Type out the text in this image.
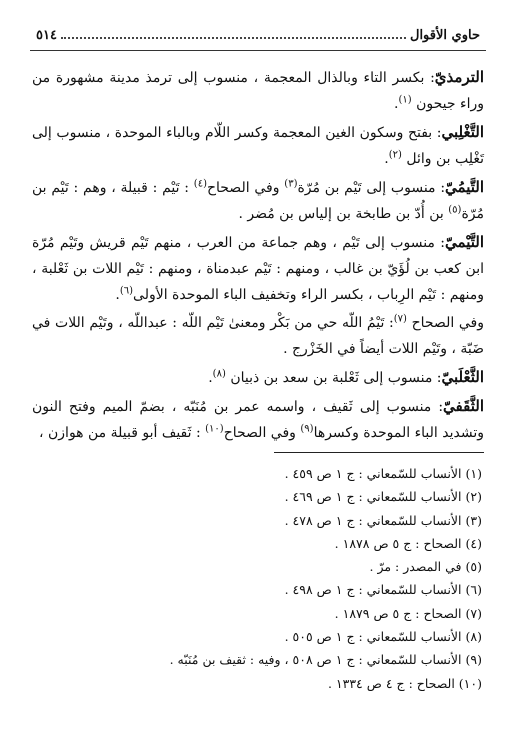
حاوي الأقوال
٥١٤

الترمذيّ: بكسر التاء وبالذال المعجمة ، منسوب إلى ترمذ مدينة مشهورة من وراء جيحون $^{(١)}$.

التَّغْلِبي: بفتح وسكون الغين المعجمة وكسر اللّام وبالباء الموحدة ، منسوب إلى تَغْلِب بن وائل $^{(٢)}$.

التَّيمُيّ: منسوب إلى تَيْم بن مُرّة$^{(٣)}$ وفي الصحاح$^{(٤)}$ : تَيْم : قبيلة ، وهم : تَيْم بن مُرّة$^{(٥)}$ بن أُدّ بن طابخة بن إلياس بن مُضر .

التَّيْميّ: منسوب إلى تَيْم ، وهم جماعة من العرب ، منهم تَيْم قريش وتَيْم مُرّة ابن كعب بن لُؤَيّ بن غالب ، ومنهم : تَيْم عبدمناة ، ومنهم : تَيْم اللات بن ثَعْلبة ، ومنهم : تَيْم الرِباب ، بكسر الراء وتخفيف الباء الموحدة الأولى$^{(٦)}$.

وفي الصحاح $^{(٧)}$: تَيْمُ اللّه حي من بَكْر ومعنىٰ تَيْم اللّه : عبداللّه ، وتَيْم اللات في ضَبّة ، وتَيْم اللات أيضاً في الخَزْرج .

الثَّعْلَبيّ: منسوب إلى ثَعْلبة بن سعد بن ذبيان $^{(٨)}$.

الثَّقَفيّ: منسوب إلى ثَقيف ، واسمه عمر بن مُنَبّه ، بضمّ الميم وفتح النون وتشديد الباء الموحدة وكسرها$^{(٩)}$ وفي الصحاح$^{(١٠)}$ : ثَقيف أبو قبيلة من هوازن ،

(١) الأنساب للسّمعاني : ج ١ ص ٤٥٩ .
(٢) الأنساب للسّمعاني : ج ١ ص ٤٦٩ .
(٣) الأنساب للسّمعاني : ج ١ ص ٤٧٨ .
(٤) الصحاح : ج ٥ ص ١٨٧٨ .
(٥) في المصدر : مرّ .
(٦) الأنساب للسّمعاني : ج ١ ص ٤٩٨ .
(٧) الصحاح : ج ٥ ص ١٨٧٩ .
(٨) الأنساب للسّمعاني : ج ١ ص ٥٠٥ .
(٩) الأنساب للسّمعاني : ج ١ ص ٥٠٨ ، وفيه : ثقيف بن مُنَبّه .
(١٠) الصحاح : ج ٤ ص ١٣٣٤ .
